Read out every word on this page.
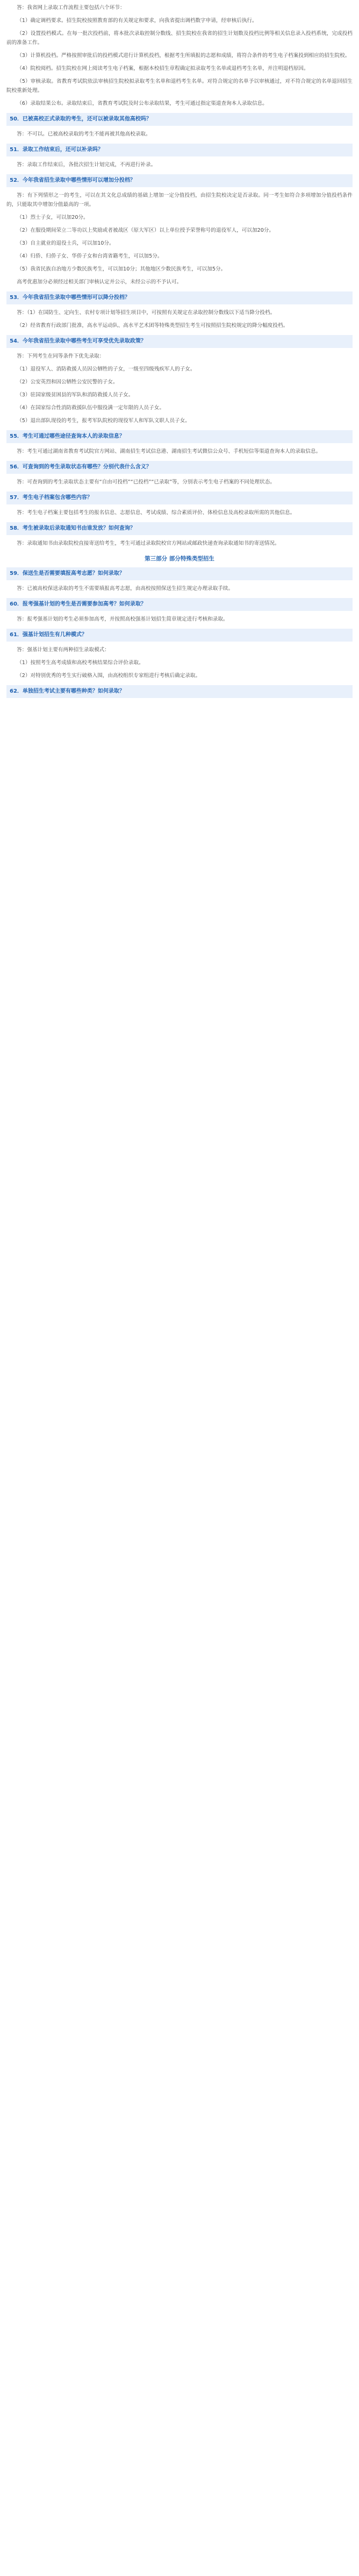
答：我省网上录取工作流程主要包括六个环节：

（1）确定调档要求。招生院校按照教育部的有关规定和要求，向我省提出调档数字申请，经审核后执行。

（2）设置投档模式。在每一批次投档前，将本批次录取控制分数线、招生院校在我省的招生计划数及投档比例等相关信息录入投档系统，完成投档前的准备工作。

（3）计算机投档。严格按照审批后的投档模式进行计算机投档，根据考生所填报的志愿和成绩，将符合条件的考生电子档案投到相应的招生院校。

（4）院校阅档。招生院校在网上阅读考生电子档案，根据本校招生章程确定拟录取考生名单或退档考生名单，并注明退档原因。

（5）审核录取。省教育考试院依法审核招生院校拟录取考生名单和退档考生名单。对符合规定的名单予以审核通过，对不符合规定的名单退回招生院校重新处理。

（6）录取结果公布。录取结束后，省教育考试院及时公布录取结果，考生可通过指定渠道查询本人录取信息。

50．已被高校正式录取的考生，还可以被录取其他高校吗？

答：不可以。已被高校录取的考生不能再被其他高校录取。

51．录取工作结束后，还可以补录吗？

答：录取工作结束后，各批次招生计划完成，不再进行补录。

52．今年我省招生录取中哪些情形可以增加分投档？

答：有下列情形之一的考生，可以在其文化总成绩的基础上增加一定分值投档，由招生院校决定是否录取。同一考生如符合多项增加分值投档条件的，只能取其中增加分值最高的一项。

（1）烈士子女，可以加20分。

（2）在服役期间荣立二等功以上奖励或者被战区（原大军区）以上单位授予荣誉称号的退役军人，可以加20分。

（3）自主就业的退役士兵，可以加10分。

（4）归侨、归侨子女、华侨子女和台湾省籍考生，可以加5分。

（5）我省民族自治地方少数民族考生，可以加10分；其他地区少数民族考生，可以加5分。

高考优惠加分必须经过相关部门审核认定并公示，未经公示的不予认可。

53．今年我省招生录取中哪些情形可以降分投档？

答：（1）在国防生、定向生、农村专项计划等招生项目中，可按照有关规定在录取控制分数线以下适当降分投档。

（2）经省教育行政部门批准，高水平运动队、高水平艺术团等特殊类型招生考生可按照招生院校规定的降分幅度投档。

54．今年我省招生录取中哪些考生可享受优先录取政策？

答：下列考生在同等条件下优先录取：

（1）退役军人、消防救援人员因公牺牲的子女，一级至四级残疾军人的子女。

（2）公安英烈和因公牺牲公安民警的子女。

（3）驻国家级贫困县的军队和消防救援人员子女。

（4）在国家综合性消防救援队伍中服役满一定年限的人员子女。

（5）退出部队现役的考生，报考军队院校的现役军人和军队文职人员子女。

55．考生可通过哪些途径查询本人的录取信息？

答：考生可通过湖南省教育考试院官方网站、湖南招生考试信息港、湖南招生考试微信公众号、手机短信等渠道查询本人的录取信息。

56．可查询到的考生录取状态有哪些？分别代表什么含义？

答：可查询到的考生录取状态主要有“自由可投档”“已投档”“已录取”等，分别表示考生电子档案的不同处理状态。

57．考生电子档案包含哪些内容？

答：考生电子档案主要包括考生的报名信息、志愿信息、考试成绩、综合素质评价、体检信息及高校录取所需的其他信息。

58．考生被录取后录取通知书由谁发放？如何查询？

答：录取通知书由录取院校直接寄送给考生，考生可通过录取院校官方网站或邮政快递查询录取通知书的寄送情况。

第三部分 部分特殊类型招生
59．保送生是否需要填报高考志愿？如何录取？

答：已被高校保送录取的考生不需要填报高考志愿，由高校按照保送生招生规定办理录取手续。

60．报考强基计划的考生是否需要参加高考？如何录取？

答：报考强基计划的考生必须参加高考，并按照高校强基计划招生简章规定进行考核和录取。

61．强基计划招生有几种模式？

答：强基计划主要有两种招生录取模式：

（1）按照考生高考成绩和高校考核结果综合评价录取。

（2）对特别优秀的考生实行破格入围，由高校组织专家组进行考核后确定录取。

62．单独招生考试主要有哪些种类？如何录取？
